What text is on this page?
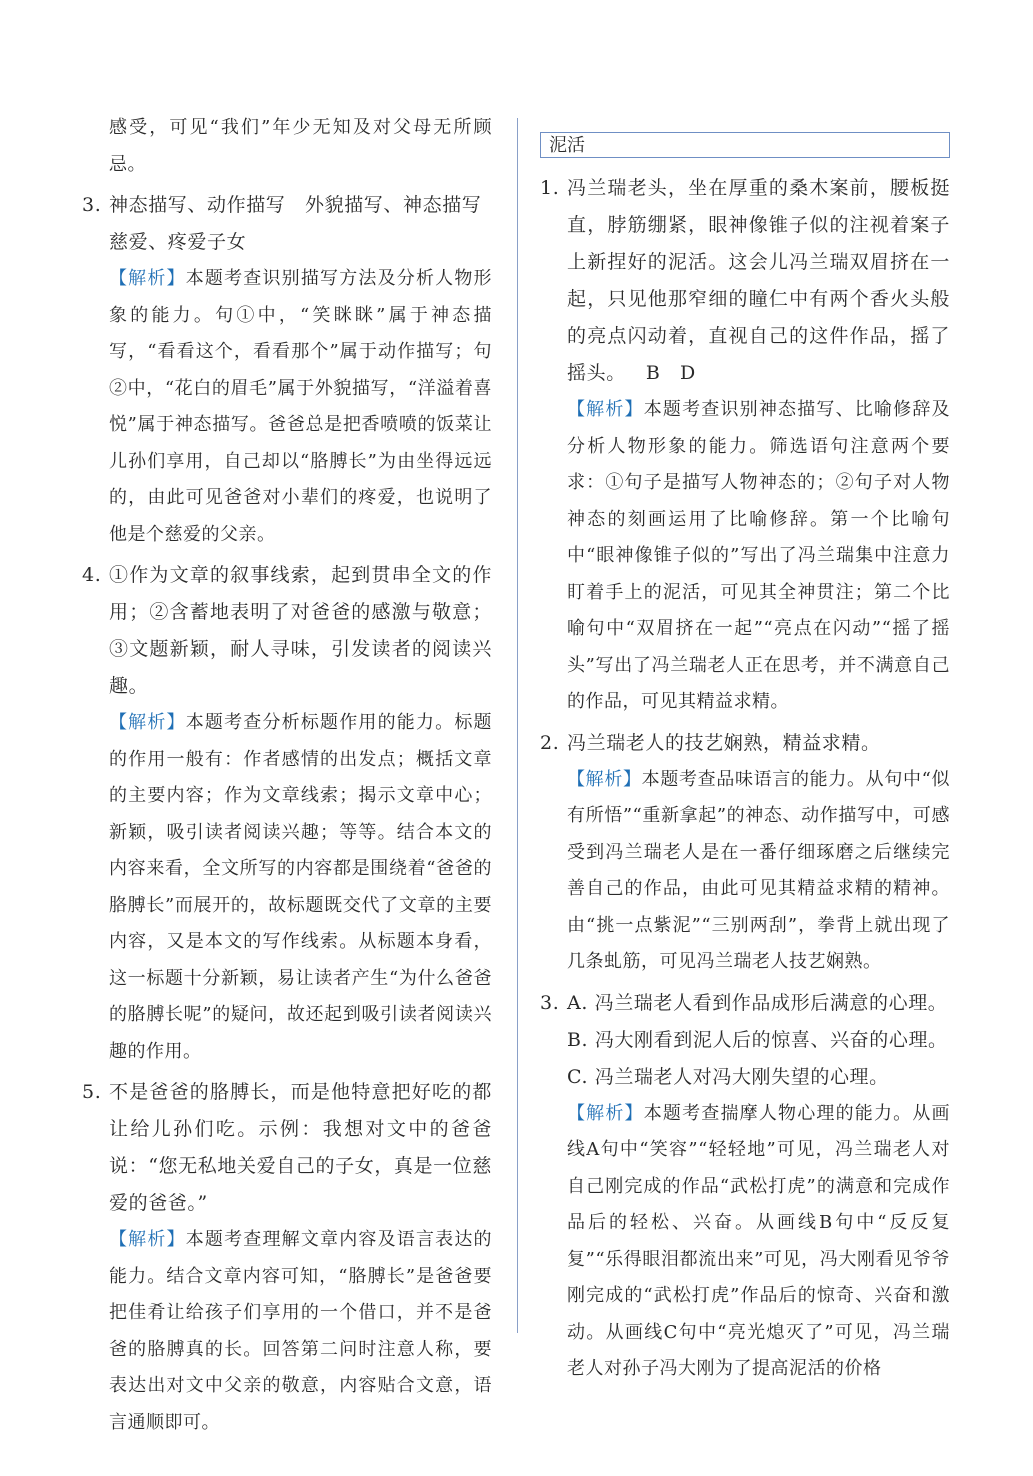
感受，可见“我们”年少无知及对父母无所顾忌。

3. 神态描写、动作描写　外貌描写、神态描写
慈爱、疼爱子女

【解析】本题考查识别描写方法及分析人物形象的能力。句①中，“笑眯眯”属于神态描写，“看看这个，看看那个”属于动作描写；句②中，“花白的眉毛”属于外貌描写，“洋溢着喜悦”属于神态描写。爸爸总是把香喷喷的饭菜让儿孙们享用，自己却以“胳膊长”为由坐得远远的，由此可见爸爸对小辈们的疼爱，也说明了他是个慈爱的父亲。

4. ①作为文章的叙事线索，起到贯串全文的作用；②含蓄地表明了对爸爸的感激与敬意；③文题新颖，耐人寻味，引发读者的阅读兴趣。

【解析】本题考查分析标题作用的能力。标题的作用一般有：作者感情的出发点；概括文章的主要内容；作为文章线索；揭示文章中心；新颖，吸引读者阅读兴趣；等等。结合本文的内容来看，全文所写的内容都是围绕着“爸爸的胳膊长”而展开的，故标题既交代了文章的主要内容，又是本文的写作线索。从标题本身看，这一标题十分新颖，易让读者产生“为什么爸爸的胳膊长呢”的疑问，故还起到吸引读者阅读兴趣的作用。

5. 不是爸爸的胳膊长，而是他特意把好吃的都让给儿孙们吃。示例：我想对文中的爸爸说：“您无私地关爱自己的子女，真是一位慈爱的爸爸。”

【解析】本题考查理解文章内容及语言表达的能力。结合文章内容可知，“胳膊长”是爸爸要把佳肴让给孩子们享用的一个借口，并不是爸爸的胳膊真的长。回答第二问时注意人称，要表达出对文中父亲的敬意，内容贴合文意，语言通顺即可。

泥活
1. 冯兰瑞老头，坐在厚重的桑木案前，腰板挺直，脖筋绷紧，眼神像锥子似的注视着案子上新捏好的泥活。这会儿冯兰瑞双眉挤在一起，只见他那窄细的瞳仁中有两个香火头般的亮点闪动着，直视自己的这件作品，摇了摇头。 B　D

【解析】本题考查识别神态描写、比喻修辞及分析人物形象的能力。筛选语句注意两个要求：①句子是描写人物神态的；②句子对人物神态的刻画运用了比喻修辞。第一个比喻句中“眼神像锥子似的”写出了冯兰瑞集中注意力盯着手上的泥活，可见其全神贯注；第二个比喻句中“双眉挤在一起”“亮点在闪动”“摇了摇头”写出了冯兰瑞老人正在思考，并不满意自己的作品，可见其精益求精。

2. 冯兰瑞老人的技艺娴熟，精益求精。

【解析】本题考查品味语言的能力。从句中“似有所悟”“重新拿起”的神态、动作描写中，可感受到冯兰瑞老人是在一番仔细琢磨之后继续完善自己的作品，由此可见其精益求精的精神。由“挑一点紫泥”“三别两刮”，拳背上就出现了几条虬筋，可见冯兰瑞老人技艺娴熟。

3. A. 冯兰瑞老人看到作品成形后满意的心理。
B. 冯大刚看到泥人后的惊喜、兴奋的心理。
C. 冯兰瑞老人对冯大刚失望的心理。

【解析】本题考查揣摩人物心理的能力。从画线A句中“笑容”“轻轻地”可见，冯兰瑞老人对自己刚完成的作品“武松打虎”的满意和完成作品后的轻松、兴奋。从画线B句中“反反复复”“乐得眼泪都流出来”可见，冯大刚看见爷爷刚完成的“武松打虎”作品后的惊奇、兴奋和激动。从画线C句中“亮光熄灭了”可见，冯兰瑞老人对孙子冯大刚为了提高泥活的价格
